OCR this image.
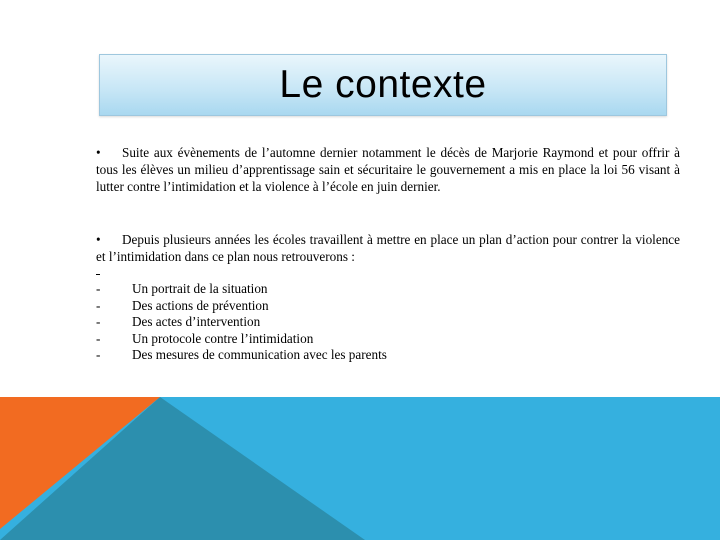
Le contexte

• Suite aux évènements de l’automne dernier notamment le décès de Marjorie Raymond et pour offrir à tous les élèves un milieu d’apprentissage sain et sécuritaire le gouvernement a mis en place la loi 56 visant à lutter contre l’intimidation et la violence à l’école en juin dernier.

• Depuis plusieurs années les écoles travaillent à mettre en place un plan d’action pour contrer la violence et l’intimidation dans ce plan nous retrouverons :

-	Un portrait de la situation
-	Des actions de prévention
-	Des actes d’intervention
-	Un protocole contre l’intimidation
-	Des mesures de communication avec les parents
